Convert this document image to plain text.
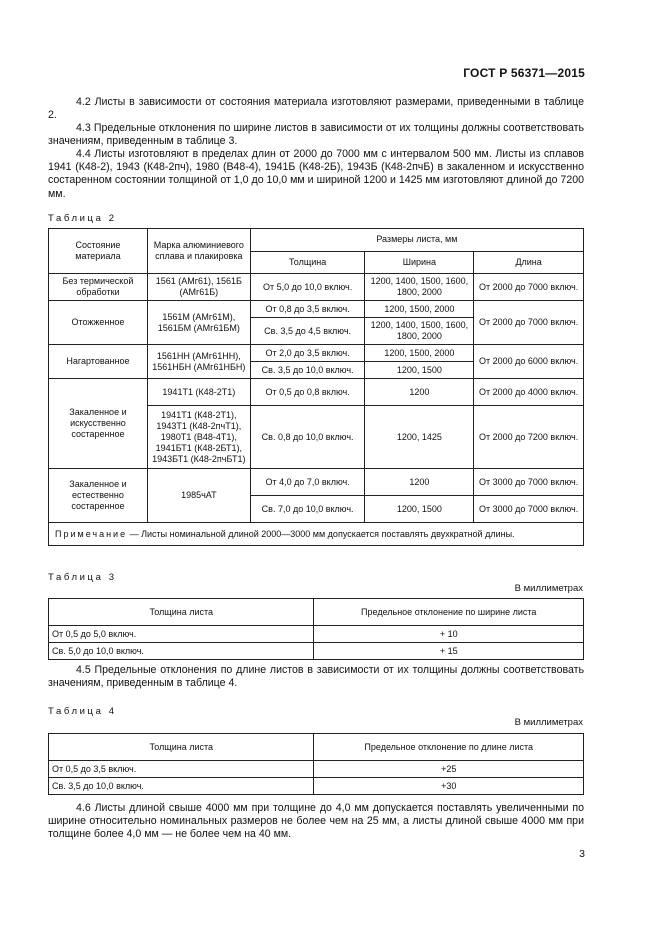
ГОСТ Р 56371—2015
4.2 Листы в зависимости от состояния материала изготовляют размерами, приведенными в таблице 2.
4.3 Предельные отклонения по ширине листов в зависимости от их толщины должны соответствовать значениям, приведенным в таблице 3.
4.4 Листы изготовляют в пределах длин от 2000 до 7000 мм с интервалом 500 мм. Листы из сплавов 1941 (К48-2), 1943 (К48-2пч), 1980 (В48-4), 1941Б (К48-2Б), 1943Б (К48-2пчБ) в закаленном и искусственно состаренном состоянии толщиной от 1,0 до 10,0 мм и шириной 1200 и 1425 мм изготовляют длиной до 7200 мм.
Таблица 2
Состояние материала	Марка алюминиевого сплава и плакировка	Размеры листа, мм		
		Толщина	Ширина	Длина
Без термической обработки	1561 (АМг61), 1561Б (АМг61Б)	От 5,0 до 10,0 включ.	1200, 1400, 1500, 1600, 1800, 2000	От 2000 до 7000 включ.
Отожженное	1561М (АМг61М), 1561БМ (АМг61БМ)	От 0,8 до 3,5 включ.	1200, 1500, 2000	От 2000 до 7000 включ.
		Св. 3,5 до 4,5 включ.	1200, 1400, 1500, 1600, 1800, 2000	
Нагартованное	1561НН (АМг61НН), 1561НБН (АМг61НБН)	От 2,0 до 3,5 включ.	1200, 1500, 2000	От 2000 до 6000 включ.
		Св. 3,5 до 10,0 включ.	1200, 1500	
Закаленное и искусственно состаренное	1941Т1 (К48-2Т1)	От 0,5 до 0,8 включ.	1200	От 2000 до 4000 включ.
	1941Т1 (К48-2Т1), 1943Т1 (К48-2пчТ1), 1980Т1 (В48-4Т1), 1941БТ1 (К48-2БТ1), 1943БТ1 (К48-2пчБТ1)	Св. 0,8 до 10,0 включ.	1200, 1425	От 2000 до 7200 включ.
Закаленное и естественно состаренное	1985чАТ	От 4,0 до 7,0 включ.	1200	От 3000 до 7000 включ.
		Св. 7,0 до 10,0 включ.	1200, 1500	От 3000 до 7000 включ.
Примечание — Листы номинальной длиной 2000—3000 мм допускается поставлять двухкратной длины.				
Таблица 3
В миллиметрах
Толщина листа	Предельное отклонение по ширине листа
От 0,5 до 5,0 включ.	+ 10
Св. 5,0 до 10,0 включ.	+ 15
4.5 Предельные отклонения по длине листов в зависимости от их толщины должны соответствовать значениям, приведенным в таблице 4.
Таблица 4
В миллиметрах
Толщина листа	Предельное отклонение по длине листа
От 0,5 до 3,5 включ.	+25
Св. 3,5 до 10,0 включ.	+30
4.6 Листы длиной свыше 4000 мм при толщине до 4,0 мм допускается поставлять увеличенными по ширине относительно номинальных размеров не более чем на 25 мм, а листы длиной свыше 4000 мм при толщине более 4,0 мм — не более чем на 40 мм.
3
